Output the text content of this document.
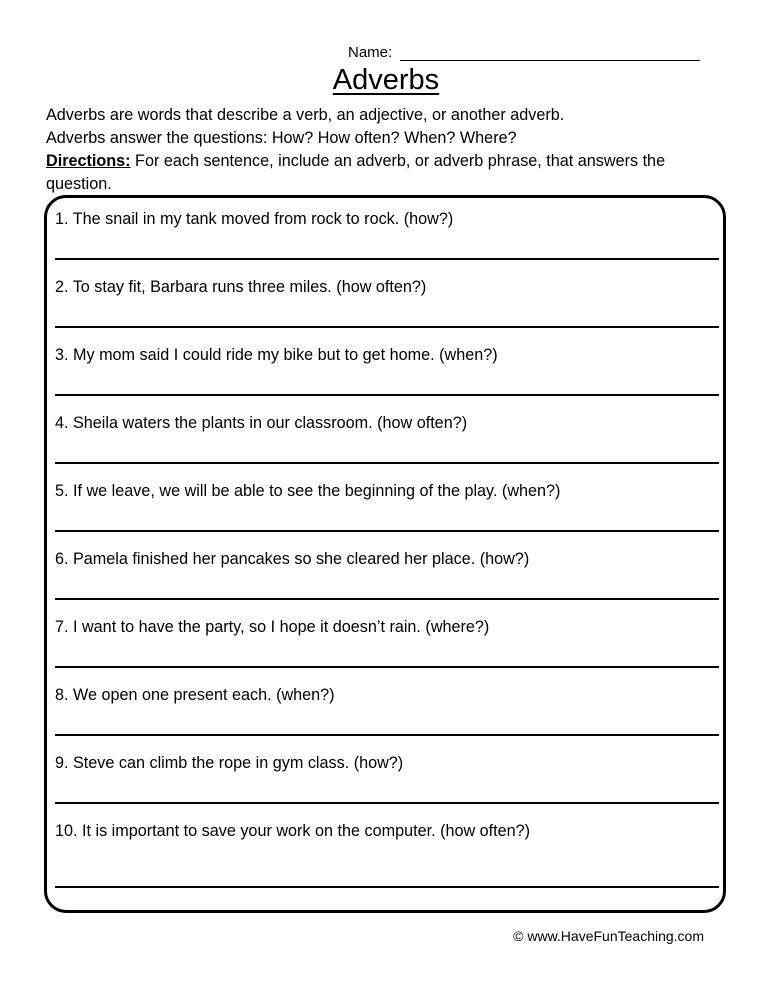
Name:
Adverbs

Adverbs are words that describe a verb, an adjective, or another adverb.

Adverbs answer the questions: How? How often? When? Where?

Directions: For each sentence, include an adverb, or adverb phrase, that answers the question.

1. The snail in my tank moved from rock to rock. (how?)
2. To stay fit, Barbara runs three miles. (how often?)
3. My mom said I could ride my bike but to get home. (when?)
4. Sheila waters the plants in our classroom. (how often?)
5. If we leave, we will be able to see the beginning of the play. (when?)
6. Pamela finished her pancakes so she cleared her place. (how?)
7. I want to have the party, so I hope it doesn’t rain. (where?)
8. We open one present each. (when?)
9. Steve can climb the rope in gym class. (how?)
10. It is important to save your work on the computer. (how often?)
© www.HaveFunTeaching.com
